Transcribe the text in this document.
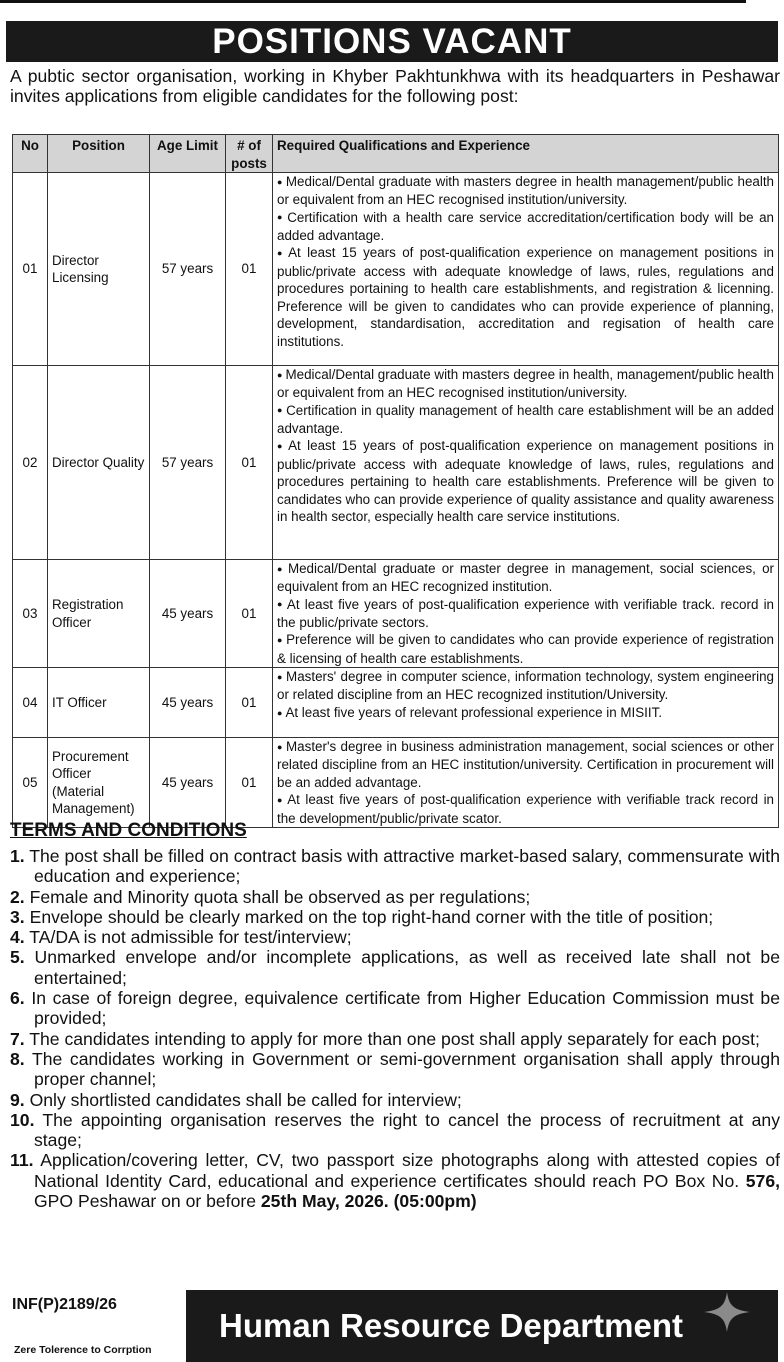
POSITIONS VACANT
A pubtic sector organisation, working in Khyber Pakhtunkhwa with its headquarters in Peshawar invites applications from eligible candidates for the following post:
No	Position	Age Limit	# of posts	Required Qualifications and Experience
01	Director Licensing	57 years	01	● Medical/Dental graduate with masters degree in health management/public health or equivalent from an HEC recognised institution/university.
● Certification with a health care service accreditation/certification body will be an added advantage.
● At least 15 years of post-qualification experience on management positions in public/private access with adequate knowledge of laws, rules, regulations and procedures portaining to health care establishments, and registration & licenning. Preference will be given to candidates who can provide experience of planning, development, standardisation, accreditation and regisation of health care institutions.

02	Director Quality	57 years	01	● Medical/Dental graduate with masters degree in health, management/public health or equivalent from an HEC recognised institution/university.
● Certification in quality management of health care establishment will be an added advantage.
● At least 15 years of post-qualification experience on management positions in public/private access with adequate knowledge of laws, rules, regulations and procedures pertaining to health care establishments. Preference will be given to candidates who can provide experience of quality assistance and quality awareness in health sector, especially health care service institutions.

03	Registration Officer	45 years	01	● Medical/Dental graduate or master degree in management, social sciences, or equivalent from an HEC recognized institution.
● At least five years of post-qualification experience with verifiable track. record in the public/private sectors.
● Preference will be given to candidates who can provide experience of registration & licensing of health care establishments.

04	IT Officer	45 years	01	● Masters' degree in computer science, information technology, system engineering or related discipline from an HEC recognized institution/University.
● At least five years of relevant professional experience in MISIIT.

05	Procurement Officer (Material Management)	45 years	01	● Master's degree in business administration management, social sciences or other related discipline from an HEC institution/university. Certification in procurement will be an added advantage.
● At least five years of post-qualification experience with verifiable track record in the development/public/private scator.
TERMS AND CONDITIONS
1. The post shall be filled on contract basis with attractive market-based salary, commensurate with education and experience;
2. Female and Minority quota shall be observed as per regulations;
3. Envelope should be clearly marked on the top right-hand corner with the title of position;
4. TA/DA is not admissible for test/interview;
5. Unmarked envelope and/or incomplete applications, as well as received late shall not be entertained;
6. In case of foreign degree, equivalence certificate from Higher Education Commission must be provided;
7. The candidates intending to apply for more than one post shall apply separately for each post;
8. The candidates working in Government or semi-government organisation shall apply through proper channel;
9. Only shortlisted candidates shall be called for interview;
10. The appointing organisation reserves the right to cancel the process of recruitment at any stage;
11. Application/covering letter, CV, two passport size photographs along with attested copies of National Identity Card, educational and experience certificates should reach PO Box No. 576, GPO Peshawar on or before 25th May, 2026. (05:00pm)
INF(P)2189/26
Human Resource Department
Zere Tolerence to Corrption
